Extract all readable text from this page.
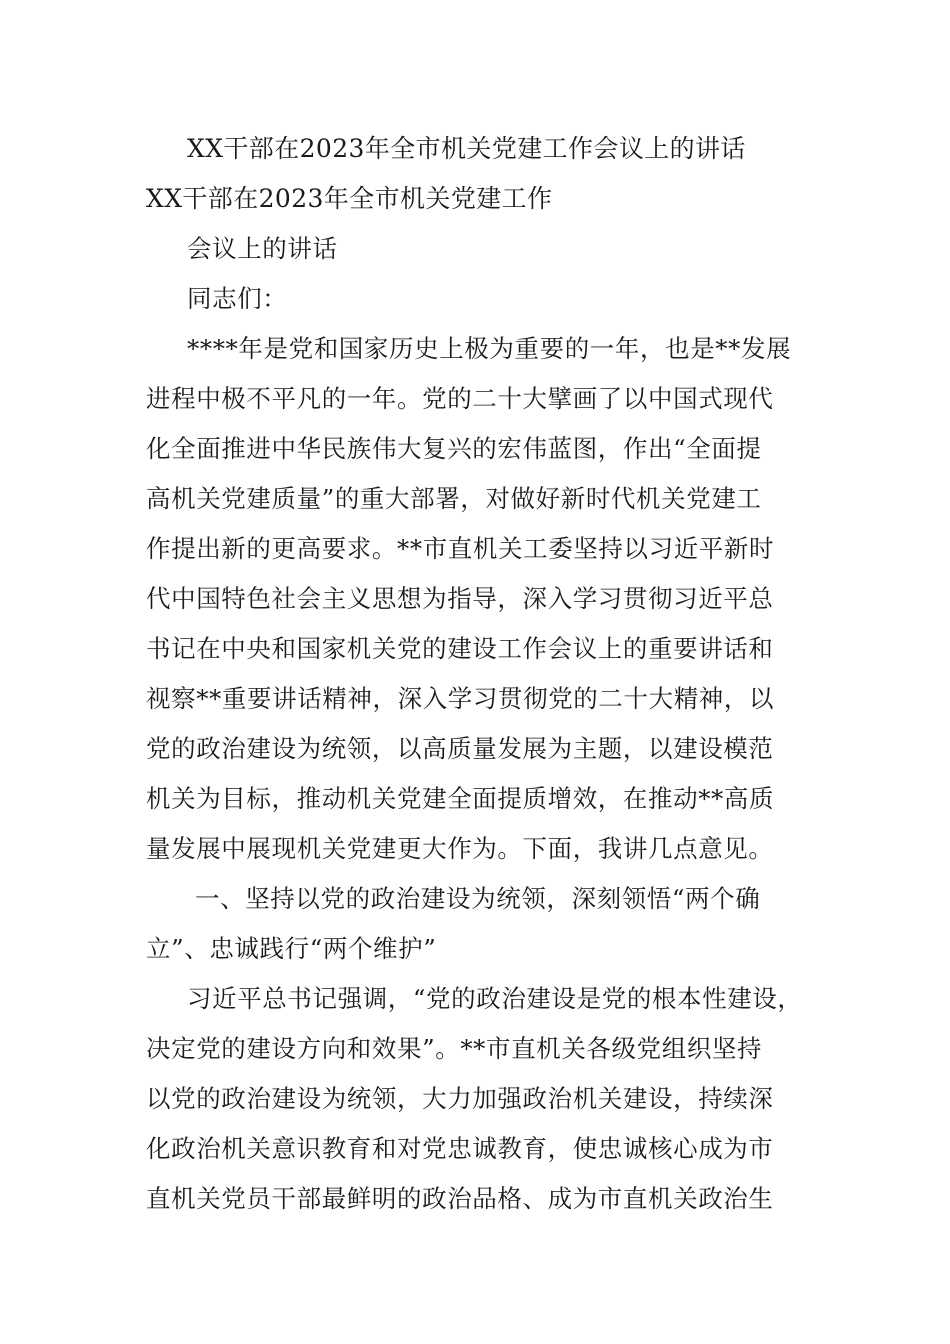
XX干部在2023年全市机关党建工作会议上的讲话
XX干部在2023年全市机关党建工作
会议上的讲话
同志们：
****年是党和国家历史上极为重要的一年，也是**发展
进程中极不平凡的一年。党的二十大擘画了以中国式现代
化全面推进中华民族伟大复兴的宏伟蓝图，作出“全面提
高机关党建质量”的重大部署，对做好新时代机关党建工
作提出新的更高要求。**市直机关工委坚持以习近平新时
代中国特色社会主义思想为指导，深入学习贯彻习近平总
书记在中央和国家机关党的建设工作会议上的重要讲话和
视察**重要讲话精神，深入学习贯彻党的二十大精神，以
党的政治建设为统领，以高质量发展为主题，以建设模范
机关为目标，推动机关党建全面提质增效，在推动**高质
量发展中展现机关党建更大作为。下面，我讲几点意见。
一、坚持以党的政治建设为统领，深刻领悟“两个确
立”、忠诚践行“两个维护”
习近平总书记强调，“党的政治建设是党的根本性建设，
决定党的建设方向和效果”。**市直机关各级党组织坚持
以党的政治建设为统领，大力加强政治机关建设，持续深
化政治机关意识教育和对党忠诚教育，使忠诚核心成为市
直机关党员干部最鲜明的政治品格、成为市直机关政治生
